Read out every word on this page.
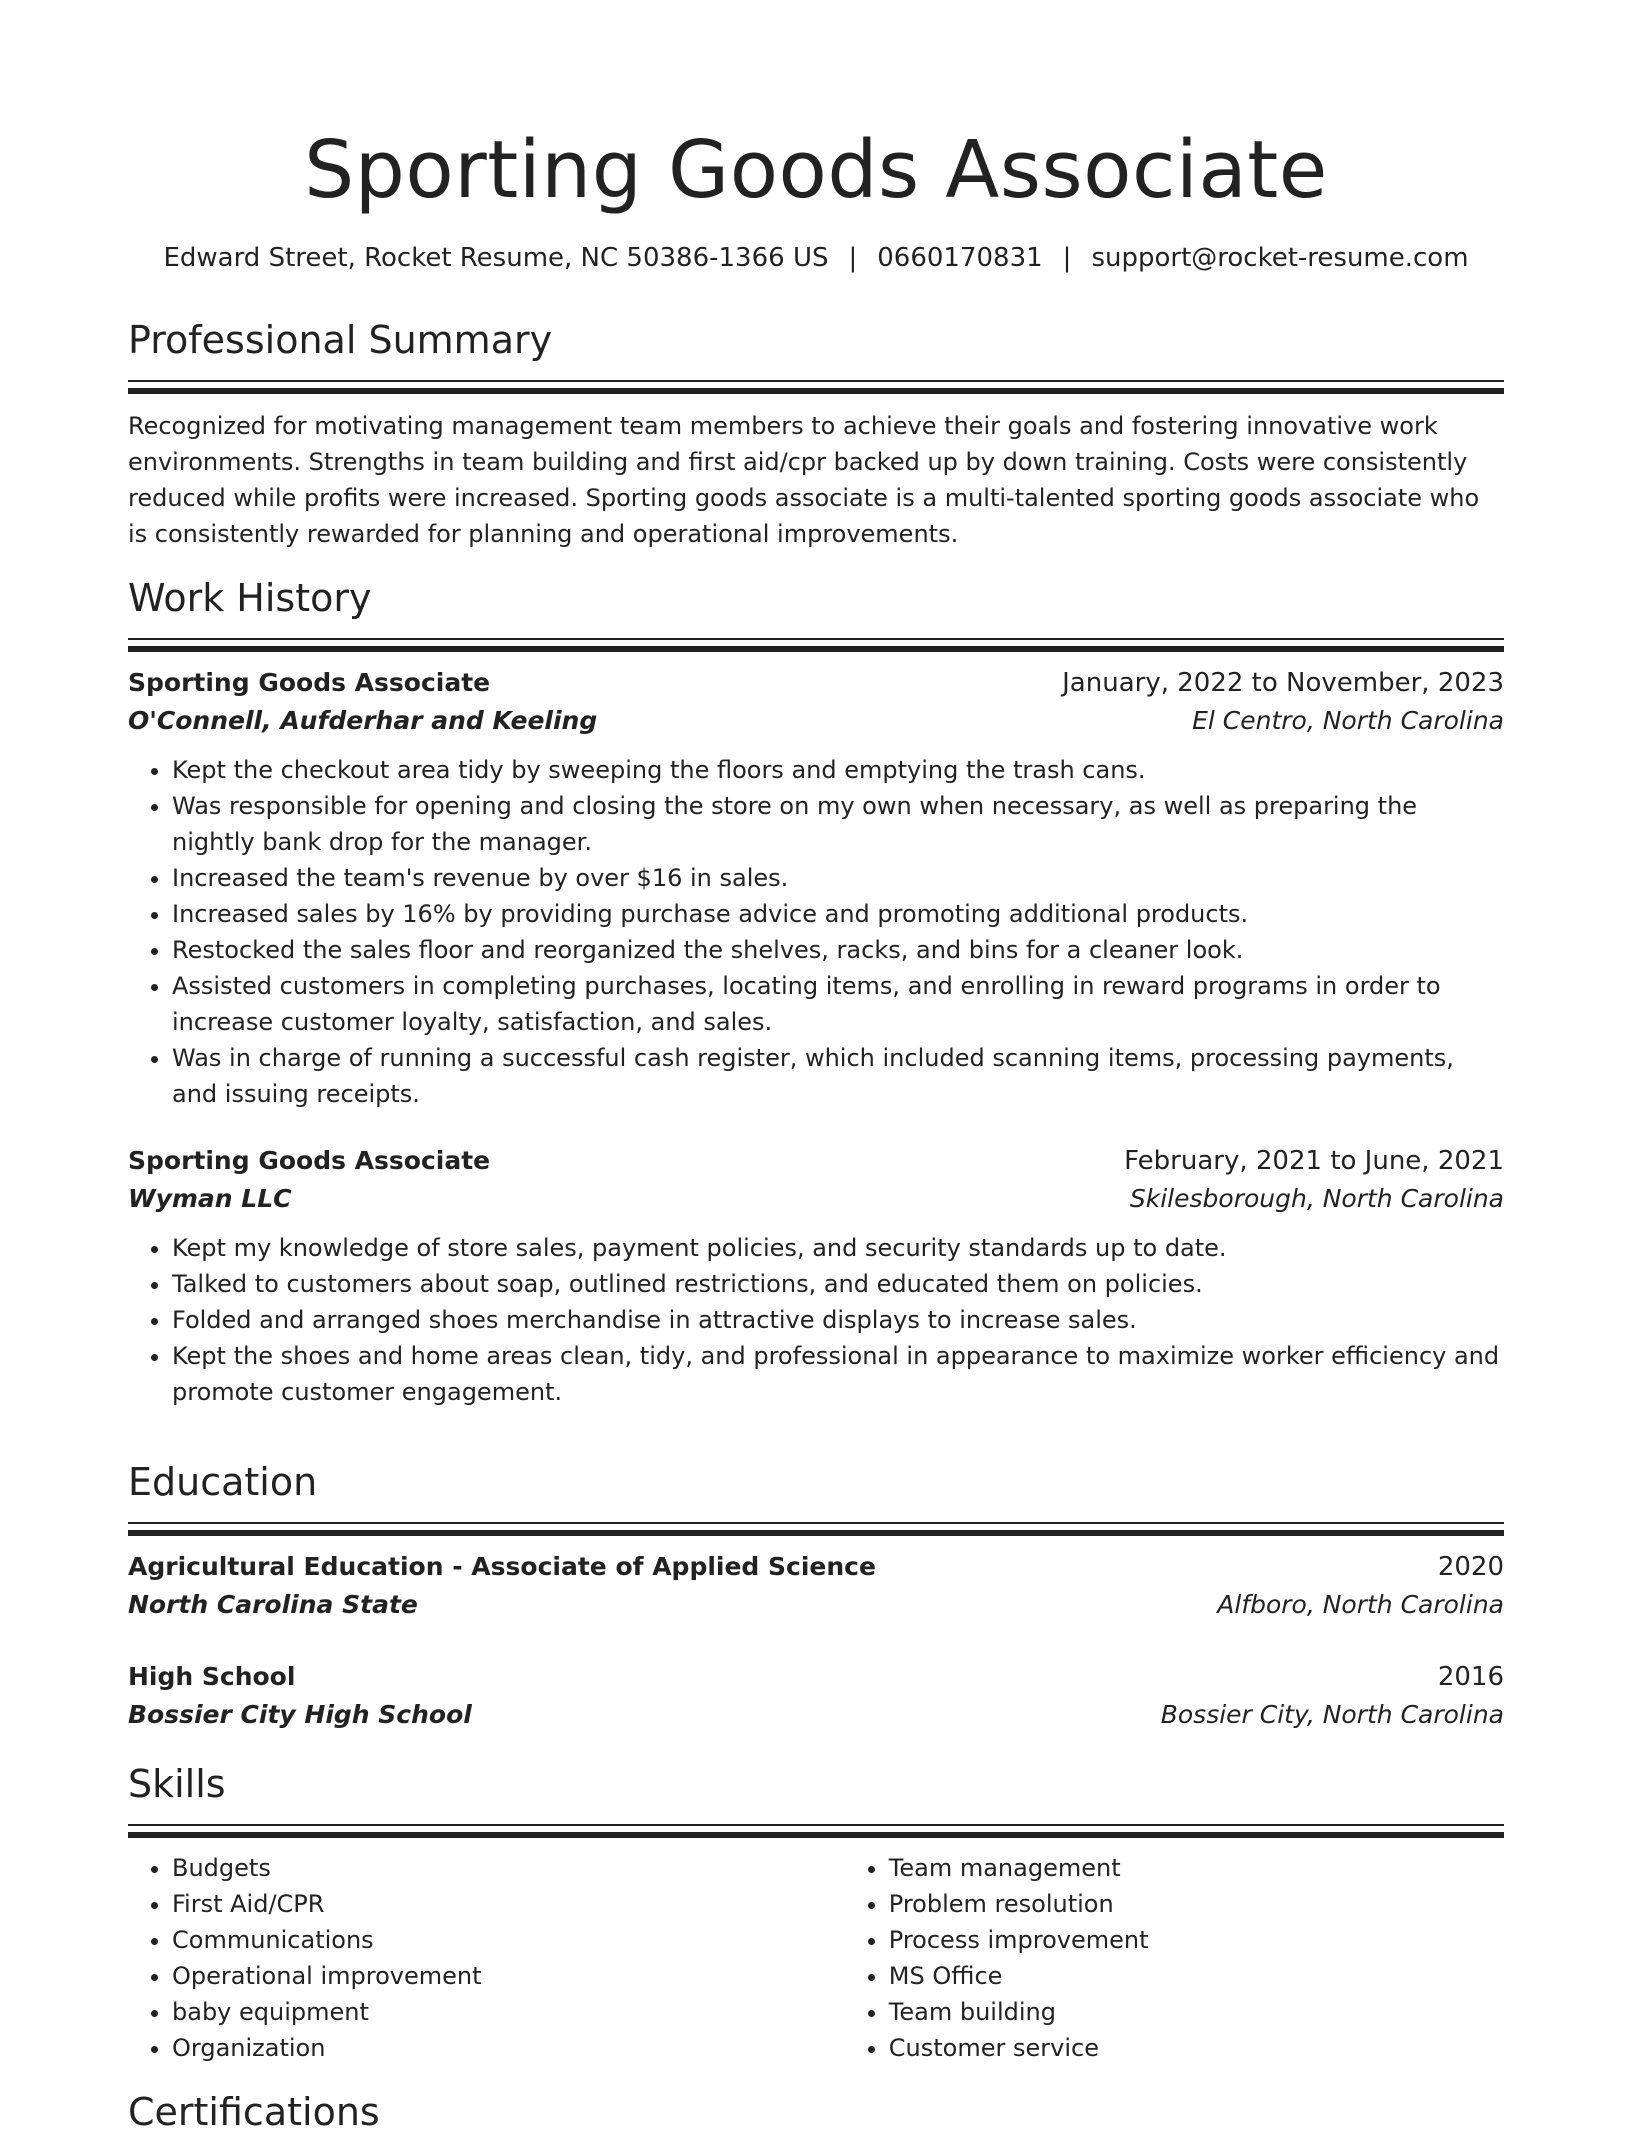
Sporting Goods Associate
Edward Street, Rocket Resume, NC 50386-1366 US | 0660170831 | support@rocket-resume.com
Professional Summary

Recognized for motivating management team members to achieve their goals and fostering innovative work environments. Strengths in team building and first aid/cpr backed up by down training. Costs were consistently reduced while profits were increased. Sporting goods associate is a multi-talented sporting goods associate who is consistently rewarded for planning and operational improvements.

Work History
Sporting Goods Associate	January, 2022 to November, 2023
O'Connell, Aufderhar and Keeling	El Centro, North Carolina
• Kept the checkout area tidy by sweeping the floors and emptying the trash cans.
• Was responsible for opening and closing the store on my own when necessary, as well as preparing the nightly bank drop for the manager.
• Increased the team's revenue by over $16 in sales.
• Increased sales by 16% by providing purchase advice and promoting additional products.
• Restocked the sales floor and reorganized the shelves, racks, and bins for a cleaner look.
• Assisted customers in completing purchases, locating items, and enrolling in reward programs in order to increase customer loyalty, satisfaction, and sales.
• Was in charge of running a successful cash register, which included scanning items, processing payments, and issuing receipts.
Sporting Goods Associate	February, 2021 to June, 2021
Wyman LLC	Skilesborough, North Carolina
• Kept my knowledge of store sales, payment policies, and security standards up to date.
• Talked to customers about soap, outlined restrictions, and educated them on policies.
• Folded and arranged shoes merchandise in attractive displays to increase sales.
• Kept the shoes and home areas clean, tidy, and professional in appearance to maximize worker efficiency and promote customer engagement.
Education
Agricultural Education - Associate of Applied Science	2020
North Carolina State	Alfboro, North Carolina
High School	2016
Bossier City High School	Bossier City, North Carolina
Skills
• Budgets
• First Aid/CPR
• Communications
• Operational improvement
• baby equipment
• Organization
• Team management
• Problem resolution
• Process improvement
• MS Office
• Team building
• Customer service
Certifications
